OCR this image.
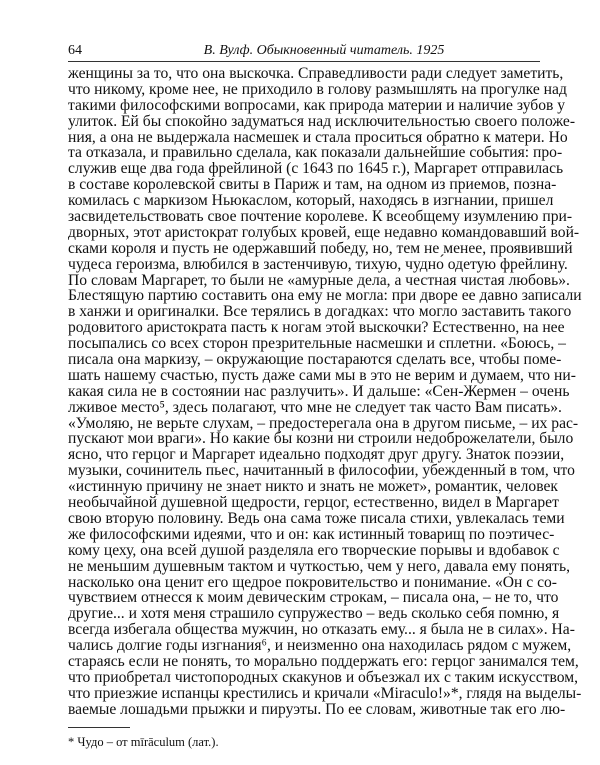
64	В. Вулф. Обыкновенный читатель. 1925
женщины за то, что она выскочка. Справедливости ради следует заметить,
что никому, кроме нее, не приходило в голову размышлять на прогулке над
такими философскими вопросами, как природа материи и наличие зубов у
улиток. Ей бы спокойно задуматься над исключительностью своего положе-
ния, а она не выдержала насмешек и стала проситься обратно к матери. Но
та отказала, и правильно сделала, как показали дальнейшие события: про-
служив еще два года фрейлиной (с 1643 по 1645 г.), Маргарет отправилась
в составе королевской свиты в Париж и там, на одном из приемов, позна-
комилась с маркизом Ньюкаслом, который, находясь в изгнании, пришел
засвидетельствовать свое почтение королеве. К всеобщему изумлению при-
дворных, этот аристократ голубых кровей, еще недавно командовавший вой-
сками короля и пусть не одержавший победу, но, тем не менее, проявивший
чудеса героизма, влюбился в застенчивую, тихую, чудно́ одетую фрейлину.
По словам Маргарет, то были не «амурные дела, а честная чистая любовь».
Блестящую партию составить она ему не могла: при дворе ее давно записали
в ханжи и оригиналки. Все терялись в догадках: что могло заставить такого
родовитого аристократа пасть к ногам этой выскочки? Естественно, на нее
посыпались со всех сторон презрительные насмешки и сплетни. «Боюсь, –
писала она маркизу, – окружающие постараются сделать все, чтобы поме-
шать нашему счастью, пусть даже сами мы в это не верим и думаем, что ни-
какая сила не в состоянии нас разлучить». И дальше: «Сен-Жермен – очень
лживое место⁵, здесь полагают, что мне не следует так часто Вам писать».
«Умоляю, не верьте слухам, – предостерегала она в другом письме, – их рас-
пускают мои враги». Но какие бы козни ни строили недоброжелатели, было
ясно, что герцог и Маргарет идеально подходят друг другу. Знаток поэзии,
музыки, сочинитель пьес, начитанный в философии, убежденный в том, что
«истинную причину не знает никто и знать не может», романтик, человек
необычайной душевной щедрости, герцог, естественно, видел в Маргарет
свою вторую половину. Ведь она сама тоже писала стихи, увлекалась теми
же философскими идеями, что и он: как истинный товарищ по поэтичес-
кому цеху, она всей душой разделяла его творческие порывы и вдобавок с
не меньшим душевным тактом и чуткостью, чем у него, давала ему понять,
насколько она ценит его щедрое покровительство и понимание. «Он с со-
чувствием отнесся к моим девическим строкам, – писала она, – не то, что
другие... и хотя меня страшило супружество – ведь сколько себя помню, я
всегда избегала общества мужчин, но отказать ему... я была не в силах». На-
чались долгие годы изгнания⁶, и неизменно она находилась рядом с мужем,
стараясь если не понять, то морально поддержать его: герцог занимался тем,
что приобретал чистопородных скакунов и объезжал их с таким искусством,
что приезжие испанцы крестились и кричали «Miraculo!»*, глядя на выделы-
ваемые лошадьми прыжки и пируэты. По ее словам, животные так его лю-
* Чудо – от mīrāculum (лат.).
